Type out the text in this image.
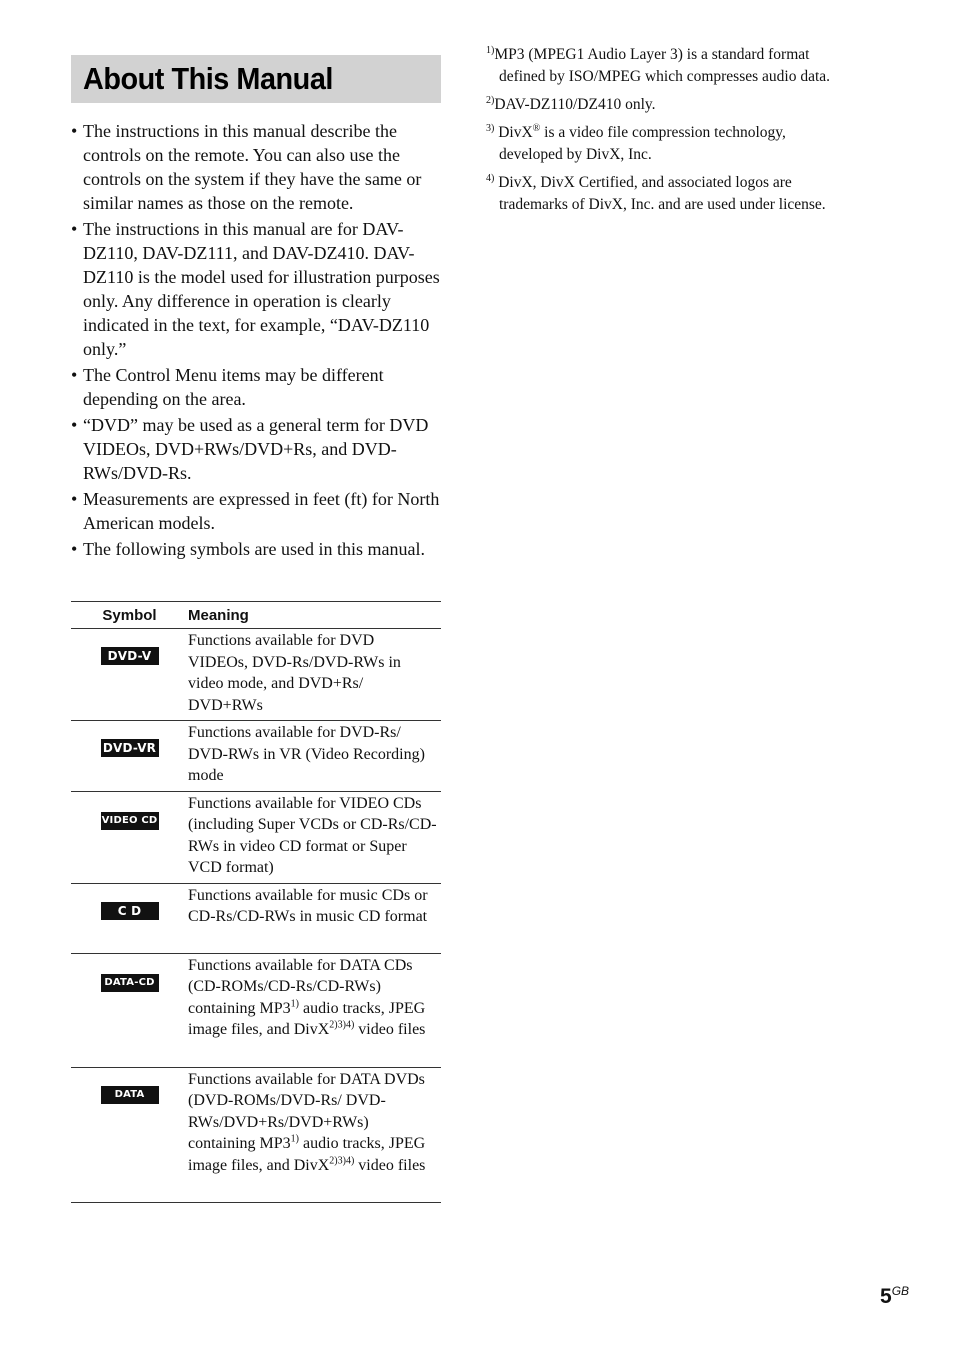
About This Manual
• The instructions in this manual describe the controls on the remote. You can also use the controls on the system if they have the same or similar names as those on the remote.
• The instructions in this manual are for DAV-DZ110, DAV-DZ111, and DAV-DZ410. DAV-DZ110 is the model used for illustration purposes only. Any difference in operation is clearly indicated in the text, for example, “DAV-DZ110 only.”
• The Control Menu items may be different depending on the area.
• “DVD” may be used as a general term for DVD VIDEOs, DVD+RWs/DVD+Rs, and DVD-RWs/DVD-Rs.
• Measurements are expressed in feet (ft) for North American models.
• The following symbols are used in this manual.
Symbol	Meaning
DVD-V	Functions available for DVD VIDEOs, DVD-Rs/DVD-RWs in video mode, and DVD+Rs/ DVD+RWs
DVD-VR	Functions available for DVD-Rs/ DVD-RWs in VR (Video Recording) mode
VIDEO CD	Functions available for VIDEO CDs (including Super VCDs or CD-Rs/CD-RWs in video CD format or Super VCD format)
C D	Functions available for music CDs or CD-Rs/CD-RWs in music CD format
DATA-CD	Functions available for DATA CDs (CD-ROMs/CD-Rs/CD-RWs) containing MP3$^{1)}$ audio tracks, JPEG image files, and DivX$^{2)3)4)}$ video files
DATA DVD	Functions available for DATA DVDs (DVD-ROMs/DVD-Rs/ DVD-RWs/DVD+Rs/DVD+RWs) containing MP3$^{1)}$ audio tracks, JPEG image files, and DivX$^{2)3)4)}$ video files
$^{1)}$MP3 (MPEG1 Audio Layer 3) is a standard format
defined by ISO/MPEG which compresses audio data.
$^{2)}$DAV-DZ110/DZ410 only.
$^{3)}$ DivX® is a video file compression technology,
developed by DivX, Inc.
$^{4)}$ DivX, DivX Certified, and associated logos are
trademarks of DivX, Inc. and are used under license.
$5^{GB}$
